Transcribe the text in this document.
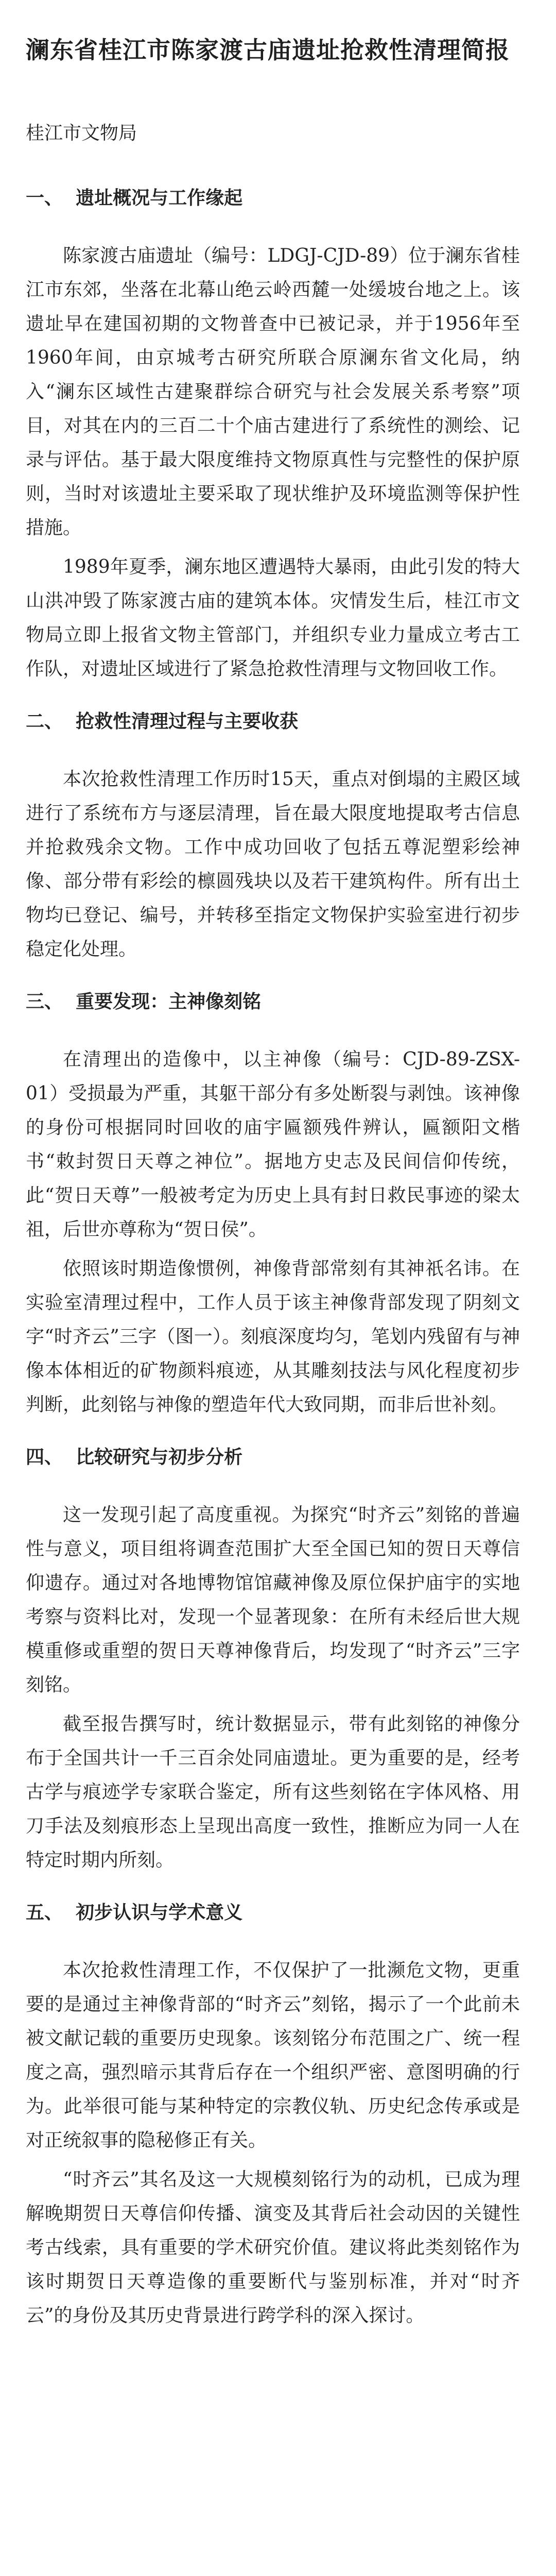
澜东省桂江市陈家渡古庙遗址抢救性清理简报
桂江市文物局
一、  遗址概况与工作缘起

陈家渡古庙遗址（编号：LDGJ-CJD-89）位于澜东省桂江市东郊，坐落在北幕山绝云岭西麓一处缓坡台地之上。该遗址早在建国初期的文物普查中已被记录，并于1956年至1960年间，由京城考古研究所联合原澜东省文化局，纳入“澜东区域性古建聚群综合研究与社会发展关系考察”项目，对其在内的三百二十个庙古建进行了系统性的测绘、记录与评估。基于最大限度维持文物原真性与完整性的保护原则，当时对该遗址主要采取了现状维护及环境监测等保护性措施。

1989年夏季，澜东地区遭遇特大暴雨，由此引发的特大山洪冲毁了陈家渡古庙的建筑本体。灾情发生后，桂江市文物局立即上报省文物主管部门，并组织专业力量成立考古工作队，对遗址区域进行了紧急抢救性清理与文物回收工作。

二、  抢救性清理过程与主要收获

本次抢救性清理工作历时15天，重点对倒塌的主殿区域进行了系统布方与逐层清理，旨在最大限度地提取考古信息并抢救残余文物。工作中成功回收了包括五尊泥塑彩绘神像、部分带有彩绘的檩圆残块以及若干建筑构件。所有出土物均已登记、编号，并转移至指定文物保护实验室进行初步稳定化处理。

三、  重要发现：主神像刻铭

在清理出的造像中，以主神像（编号：CJD-89-ZSX-01）受损最为严重，其躯干部分有多处断裂与剥蚀。该神像的身份可根据同时回收的庙宇匾额残件辨认，匾额阳文楷书“敕封贺日天尊之神位”。据地方史志及民间信仰传统，此“贺日天尊”一般被考定为历史上具有封日救民事迹的梁太祖，后世亦尊称为“贺日侯”。

依照该时期造像惯例，神像背部常刻有其神祇名讳。在实验室清理过程中，工作人员于该主神像背部发现了阴刻文字“时齐云”三字（图一）。刻痕深度均匀，笔划内残留有与神像本体相近的矿物颜料痕迹，从其雕刻技法与风化程度初步判断，此刻铭与神像的塑造年代大致同期，而非后世补刻。

四、  比较研究与初步分析

这一发现引起了高度重视。为探究“时齐云”刻铭的普遍性与意义，项目组将调查范围扩大至全国已知的贺日天尊信仰遗存。通过对各地博物馆馆藏神像及原位保护庙宇的实地考察与资料比对，发现一个显著现象：在所有未经后世大规模重修或重塑的贺日天尊神像背后，均发现了“时齐云”三字刻铭。

截至报告撰写时，统计数据显示，带有此刻铭的神像分布于全国共计一千三百余处同庙遗址。更为重要的是，经考古学与痕迹学专家联合鉴定，所有这些刻铭在字体风格、用刀手法及刻痕形态上呈现出高度一致性，推断应为同一人在特定时期内所刻。

五、  初步认识与学术意义

本次抢救性清理工作，不仅保护了一批濒危文物，更重要的是通过主神像背部的“时齐云”刻铭，揭示了一个此前未被文献记载的重要历史现象。该刻铭分布范围之广、统一程度之高，强烈暗示其背后存在一个组织严密、意图明确的行为。此举很可能与某种特定的宗教仪轨、历史纪念传承或是对正统叙事的隐秘修正有关。

“时齐云”其名及这一大规模刻铭行为的动机，已成为理解晚期贺日天尊信仰传播、演变及其背后社会动因的关键性考古线索，具有重要的学术研究价值。建议将此类刻铭作为该时期贺日天尊造像的重要断代与鉴别标准，并对“时齐云”的身份及其历史背景进行跨学科的深入探讨。
